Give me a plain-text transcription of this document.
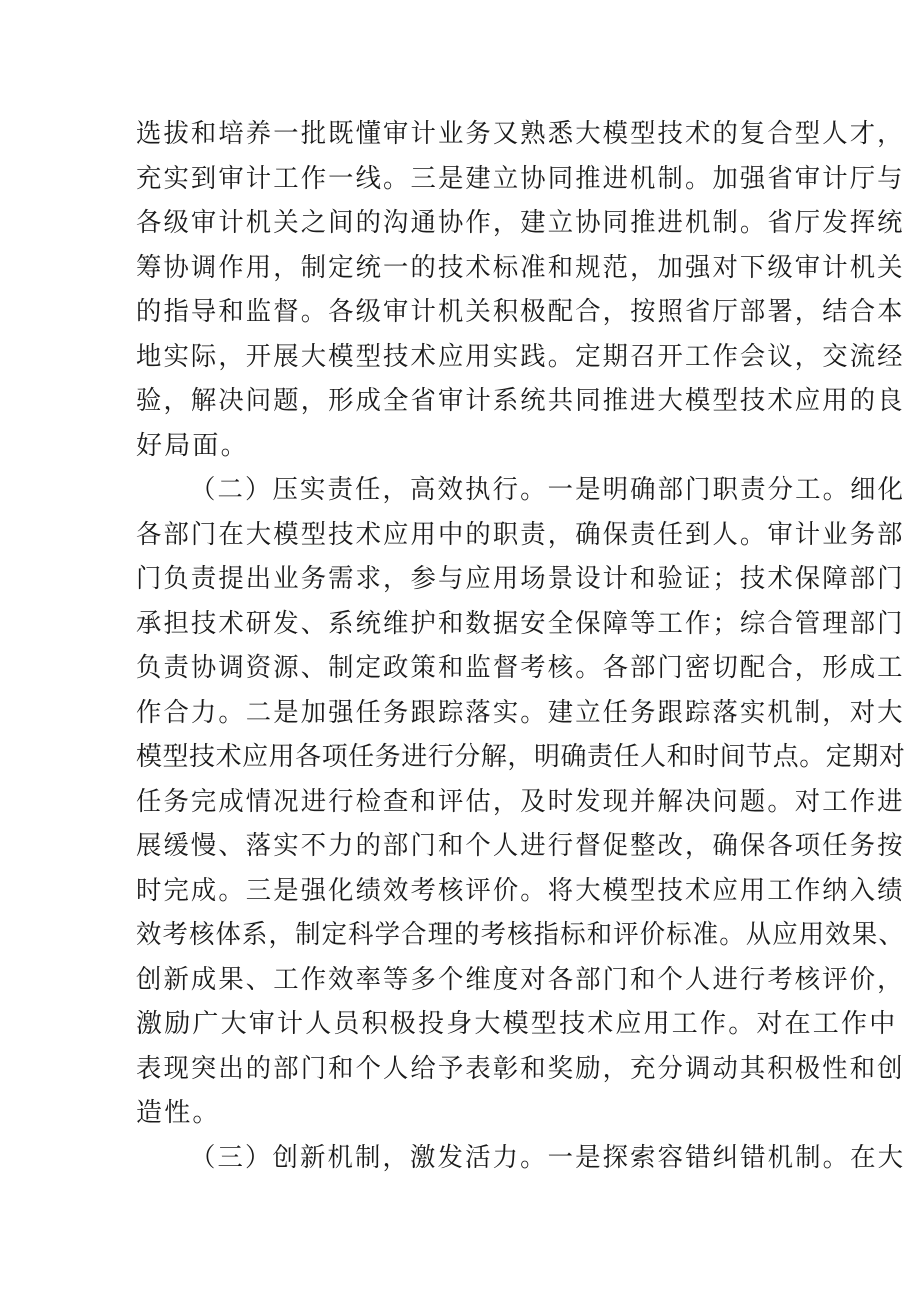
选拔和培养一批既懂审计业务又熟悉大模型技术的复合型人才，
充实到审计工作一线。三是建立协同推进机制。加强省审计厅与
各级审计机关之间的沟通协作，建立协同推进机制。省厅发挥统
筹协调作用，制定统一的技术标准和规范，加强对下级审计机关
的指导和监督。各级审计机关积极配合，按照省厅部署，结合本
地实际，开展大模型技术应用实践。定期召开工作会议，交流经
验，解决问题，形成全省审计系统共同推进大模型技术应用的良
好局面。
（二）压实责任，高效执行。一是明确部门职责分工。细化
各部门在大模型技术应用中的职责，确保责任到人。审计业务部
门负责提出业务需求，参与应用场景设计和验证；技术保障部门
承担技术研发、系统维护和数据安全保障等工作；综合管理部门
负责协调资源、制定政策和监督考核。各部门密切配合，形成工
作合力。二是加强任务跟踪落实。建立任务跟踪落实机制，对大
模型技术应用各项任务进行分解，明确责任人和时间节点。定期对
任务完成情况进行检查和评估，及时发现并解决问题。对工作进
展缓慢、落实不力的部门和个人进行督促整改，确保各项任务按
时完成。三是强化绩效考核评价。将大模型技术应用工作纳入绩
效考核体系，制定科学合理的考核指标和评价标准。从应用效果、
创新成果、工作效率等多个维度对各部门和个人进行考核评价，
激励广大审计人员积极投身大模型技术应用工作。对在工作中
表现突出的部门和个人给予表彰和奖励，充分调动其积极性和创
造性。
（三）创新机制，激发活力。一是探索容错纠错机制。在大
